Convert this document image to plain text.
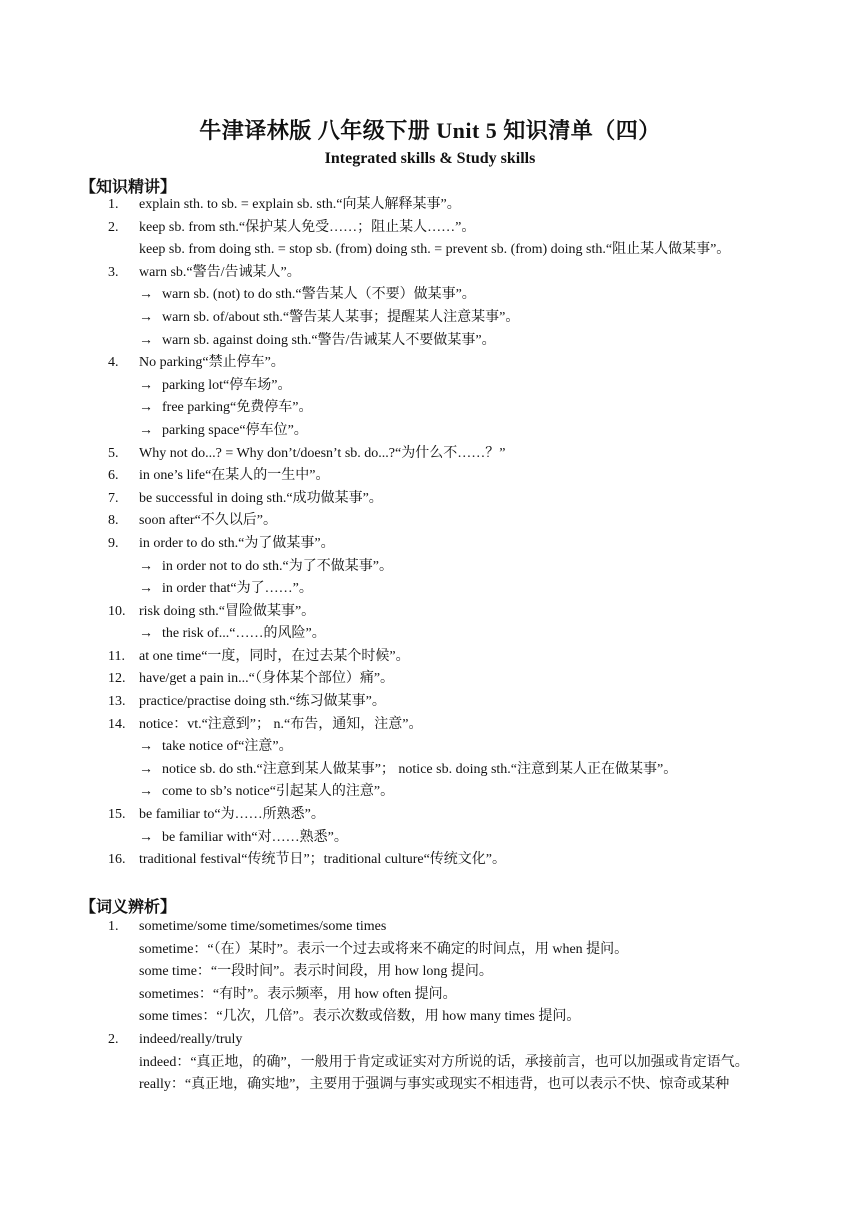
牛津译林版 八年级下册 Unit 5 知识清单（四）
Integrated skills & Study skills
【知识精讲】
1.	explain sth. to sb. = explain sb. sth.“向某人解释某事”。
2.	keep sb. from sth.“保护某人免受……；阻止某人……”。
keep sb. from doing sth. = stop sb. (from) doing sth. = prevent sb. (from) doing sth.“阻止某人做某事”。
3.	warn sb.“警告/告诫某人”。
→ warn sb. (not) to do sth.“警告某人（不要）做某事”。
→ warn sb. of/about sth.“警告某人某事；提醒某人注意某事”。
→ warn sb. against doing sth.“警告/告诫某人不要做某事”。
4.	No parking“禁止停车”。
→ parking lot“停车场”。
→ free parking“免费停车”。
→ parking space“停车位”。
5.	Why not do...? = Why don’t/doesn’t sb. do...?“为什么不……？”
6.	in one’s life“在某人的一生中”。
7.	be successful in doing sth.“成功做某事”。
8.	soon after“不久以后”。
9.	in order to do sth.“为了做某事”。
→ in order not to do sth.“为了不做某事”。
→ in order that“为了……”。
10. risk doing sth.“冒险做某事”。
→ the risk of...“……的风险”。
11.	at one time“一度，同时，在过去某个时候”。
12. have/get a pain in...“（身体某个部位）痛”。
13. practice/practise doing sth.“练习做某事”。
14. notice：vt.“注意到”； n.“布告，通知，注意”。
→ take notice of“注意”。
→ notice sb. do sth.“注意到某人做某事”； notice sb. doing sth.“注意到某人正在做某事”。
→ come to sb’s notice“引起某人的注意”。
15. be familiar to“为……所熟悉”。
→ be familiar with“对……熟悉”。
16. traditional festival“传统节日”；traditional culture“传统文化”。
【词义辨析】
1.	sometime/some time/sometimes/some times
sometime：“（在）某时”。表示一个过去或将来不确定的时间点，用 when 提问。
some time：“一段时间”。表示时间段，用 how long 提问。
sometimes：“有时”。表示频率，用 how often 提问。
some times：“几次，几倍”。表示次数或倍数，用 how many times 提问。
2.	indeed/really/truly
indeed：“真正地，的确”，一般用于肯定或证实对方所说的话，承接前言，也可以加强或肯定语气。
really：“真正地，确实地”，主要用于强调与事实或现实不相违背，也可以表示不快、惊奇或某种
